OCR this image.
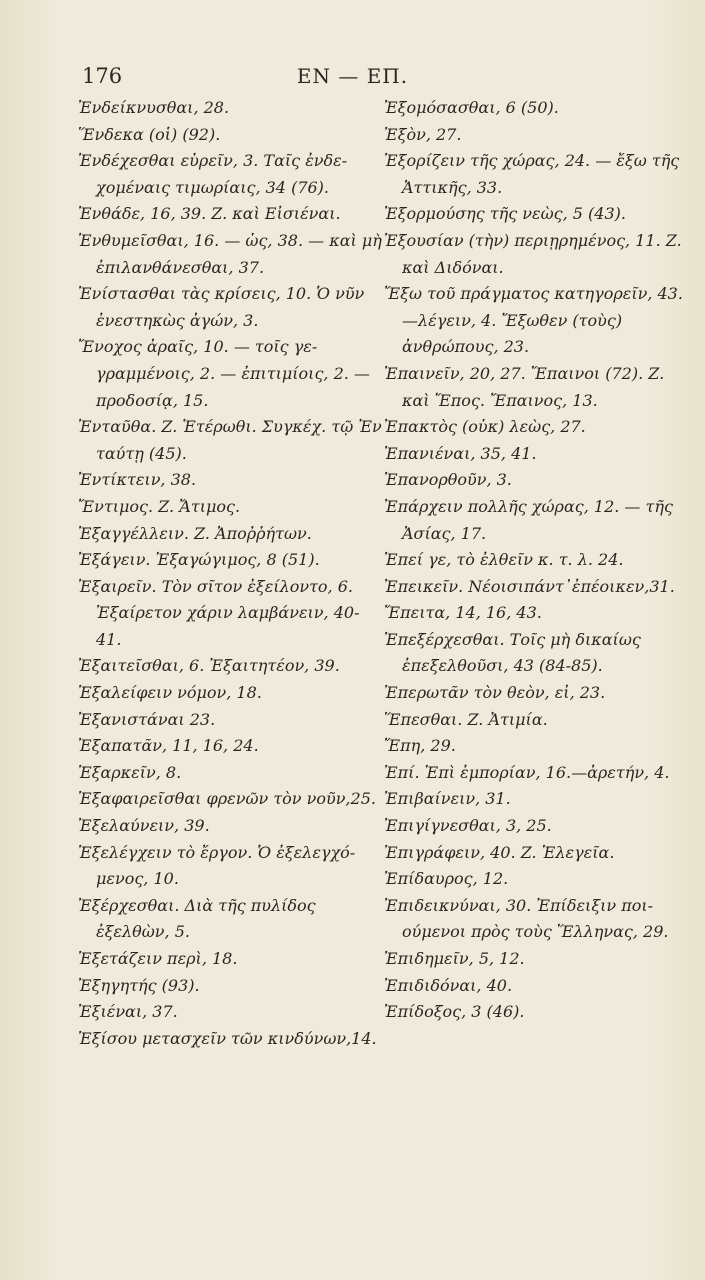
176	EN — EΠ.

Ἐνδείκνυσθαι, 28.

Ἕνδεκα (οἱ) (92).

Ἐνδέχεσθαι εὑρεῖν, 3. Ταῖς ἐνδε- χομέναις τιμωρίαις, 34 (76).

Ἐνθάδε, 16, 39. Z. καὶ Εἰσιέναι.

Ἐνθυμεῖσθαι, 16. — ὡς, 38. — καὶ μὴ ἐπιλανθάνεσθαι, 37.

Ἐνίστασθαι τὰς κρίσεις, 10. Ὁ νῦν ἐνεστηκὼς ἀγών, 3.

Ἔνοχος ἀραῖς, 10. — τοῖς γε- γραμμένοις, 2. — ἐπιτιμίοις, 2. —προδοσίᾳ, 15.

Ἐνταῦθα. Z. Ἑτέρωθι. Συγκέχ. τῷ Ἐν ταύτῃ (45).

Ἐντίκτειν, 38.

Ἔντιμος. Z. Ἄτιμος.

Ἐξαγγέλλειν. Z. Ἀποῤῥήτων.

Ἐξάγειν. Ἐξαγώγιμος, 8 (51).

Ἐξαιρεῖν. Τὸν σῖτον ἐξείλοντο, 6. Ἐξαίρετον χάριν λαμβάνειν, 40-41.

Ἐξαιτεῖσθαι, 6. Ἐξαιτητέον, 39.

Ἐξαλείφειν νόμον, 18.

Ἐξανιστάναι 23.

Ἐξαπατᾶν, 11, 16, 24.

Ἐξαρκεῖν, 8.

Ἐξαφαιρεῖσθαι φρενῶν τὸν νοῦν,25.

Ἐξελαύνειν, 39.

Ἐξελέγχειν τὸ ἔργον. Ὁ ἐξελεγχό- μενος, 10.

Ἐξέρχεσθαι. Διὰ τῆς πυλίδος ἐξελθὼν, 5.

Ἐξετάζειν περὶ, 18.

Ἐξηγητής (93).

Ἐξιέναι, 37.

Ἐξίσου μετασχεῖν τῶν κινδύνων,14.

Ἐξομόσασθαι, 6 (50).

Ἐξὸν, 27.

Ἐξορίζειν τῆς χώρας, 24. — ἔξω τῆς Ἀττικῆς, 33.

Ἐξορμούσης τῆς νεὼς, 5 (43).

Ἐξουσίαν (τὴν) περιῃρημένος, 11. Z. καὶ Διδόναι.

Ἔξω τοῦ πράγματος κατηγορεῖν, 43.—λέγειν, 4. Ἔξωθεν (τοὺς) ἀνθρώπους, 23.

Ἐπαινεῖν, 20, 27. Ἔπαινοι (72). Z. καὶ Ἔπος. Ἔπαινος, 13.

Ἐπακτὸς (οὐκ) λεὼς, 27.

Ἐπανιέναι, 35, 41.

Ἐπανορθοῦν, 3.

Ἐπάρχειν πολλῆς χώρας, 12. — τῆς Ἀσίας, 17.

Ἐπεί γε, τὸ ἐλθεῖν κ. τ. λ. 24.

Ἐπεικεῖν. Νέοισιπάντ᾽ἐπέοικεν,31.

Ἔπειτα, 14, 16, 43.

Ἐπεξέρχεσθαι. Τοῖς μὴ δικαίως ἐπεξελθοῦσι, 43 (84-85).

Ἐπερωτᾶν τὸν θεὸν, εἰ, 23.

Ἕπεσθαι. Z. Ἀτιμία.

Ἔπη, 29.

Ἐπί. Ἐπὶ ἐμπορίαν, 16.—ἀρετήν, 4.

Ἐπιβαίνειν, 31.

Ἐπιγίγνεσθαι, 3, 25.

Ἐπιγράφειν, 40. Z. Ἐλεγεῖα.

Ἐπίδαυρος, 12.

Ἐπιδεικνύναι, 30. Ἐπίδειξιν ποι- ούμενοι πρὸς τοὺς Ἕλληνας, 29.

Ἐπιδημεῖν, 5, 12.

Ἐπιδιδόναι, 40.

Ἐπίδοξος, 3 (46).
